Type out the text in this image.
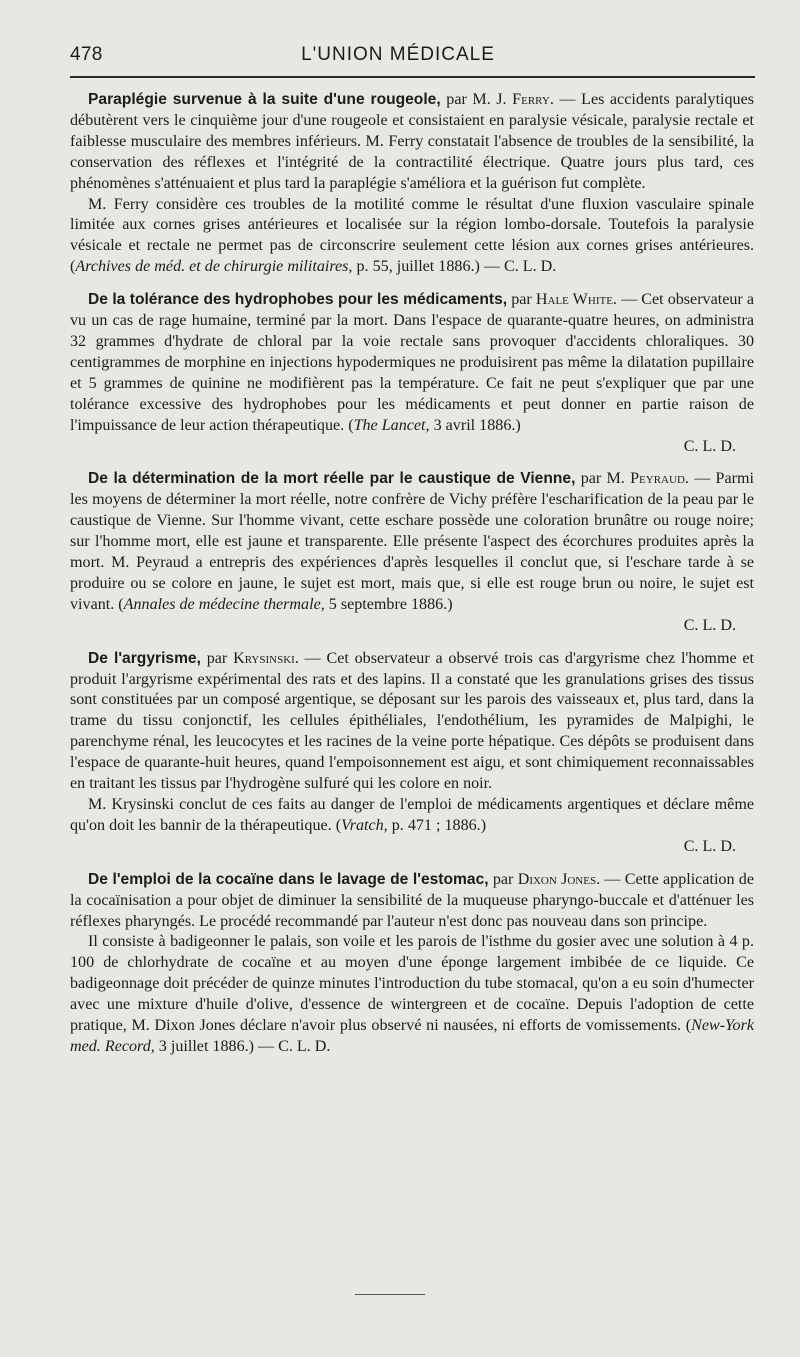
478	L'UNION MÉDICALE

Paraplégie survenue à la suite d'une rougeole, par M. J. Ferry. — Les accidents paralytiques débutèrent vers le cinquième jour d'une rougeole et consistaient en paralysie vésicale, paralysie rectale et faiblesse musculaire des membres inférieurs. M. Ferry constatait l'absence de troubles de la sensibilité, la conservation des réflexes et l'intégrité de la contractilité électrique. Quatre jours plus tard, ces phénomènes s'atténuaient et plus tard la paraplégie s'améliora et la guérison fut complète.

M. Ferry considère ces troubles de la motilité comme le résultat d'une fluxion vasculaire spinale limitée aux cornes grises antérieures et localisée sur la région lombo-dorsale. Toutefois la paralysie vésicale et rectale ne permet pas de circonscrire seulement cette lésion aux cornes grises antérieures. (Archives de méd. et de chirurgie militaires, p. 55, juillet 1886.) — C. L. D.

De la tolérance des hydrophobes pour les médicaments, par Hale White. — Cet observateur a vu un cas de rage humaine, terminé par la mort. Dans l'espace de quarante-quatre heures, on administra 32 grammes d'hydrate de chloral par la voie rectale sans provoquer d'accidents chloraliques. 30 centigrammes de morphine en injections hypodermiques ne produisirent pas même la dilatation pupillaire et 5 grammes de quinine ne modifièrent pas la température. Ce fait ne peut s'expliquer que par une tolérance excessive des hydrophobes pour les médicaments et peut donner en partie raison de l'impuissance de leur action thérapeutique. (The Lancet, 3 avril 1886.)

C. L. D.

De la détermination de la mort réelle par le caustique de Vienne, par M. Peyraud. — Parmi les moyens de déterminer la mort réelle, notre confrère de Vichy préfère l'escharification de la peau par le caustique de Vienne. Sur l'homme vivant, cette eschare possède une coloration brunâtre ou rouge noire; sur l'homme mort, elle est jaune et transparente. Elle présente l'aspect des écorchures produites après la mort. M. Peyraud a entrepris des expériences d'après lesquelles il conclut que, si l'eschare tarde à se produire ou se colore en jaune, le sujet est mort, mais que, si elle est rouge brun ou noire, le sujet est vivant. (Annales de médecine thermale, 5 septembre 1886.)

C. L. D.

De l'argyrisme, par Krysinski. — Cet observateur a observé trois cas d'argyrisme chez l'homme et produit l'argyrisme expérimental des rats et des lapins. Il a constaté que les granulations grises des tissus sont constituées par un composé argentique, se déposant sur les parois des vaisseaux et, plus tard, dans la trame du tissu conjonctif, les cellules épithéliales, l'endothélium, les pyramides de Malpighi, le parenchyme rénal, les leucocytes et les racines de la veine porte hépatique. Ces dépôts se produisent dans l'espace de quarante-huit heures, quand l'empoisonnement est aigu, et sont chimiquement reconnaissables en traitant les tissus par l'hydrogène sulfuré qui les colore en noir.

M. Krysinski conclut de ces faits au danger de l'emploi de médicaments argentiques et déclare même qu'on doit les bannir de la thérapeutique. (Vratch, p. 471 ; 1886.)

C. L. D.

De l'emploi de la cocaïne dans le lavage de l'estomac, par Dixon Jones. — Cette application de la cocaïnisation a pour objet de diminuer la sensibilité de la muqueuse pharyngo-buccale et d'atténuer les réflexes pharyngés. Le procédé recommandé par l'auteur n'est donc pas nouveau dans son principe.

Il consiste à badigeonner le palais, son voile et les parois de l'isthme du gosier avec une solution à 4 p. 100 de chlorhydrate de cocaïne et au moyen d'une éponge largement imbibée de ce liquide. Ce badigeonnage doit précéder de quinze minutes l'introduction du tube stomacal, qu'on a eu soin d'humecter avec une mixture d'huile d'olive, d'essence de wintergreen et de cocaïne. Depuis l'adoption de cette pratique, M. Dixon Jones déclare n'avoir plus observé ni nausées, ni efforts de vomissements. (New-York med. Record, 3 juillet 1886.) — C. L. D.
